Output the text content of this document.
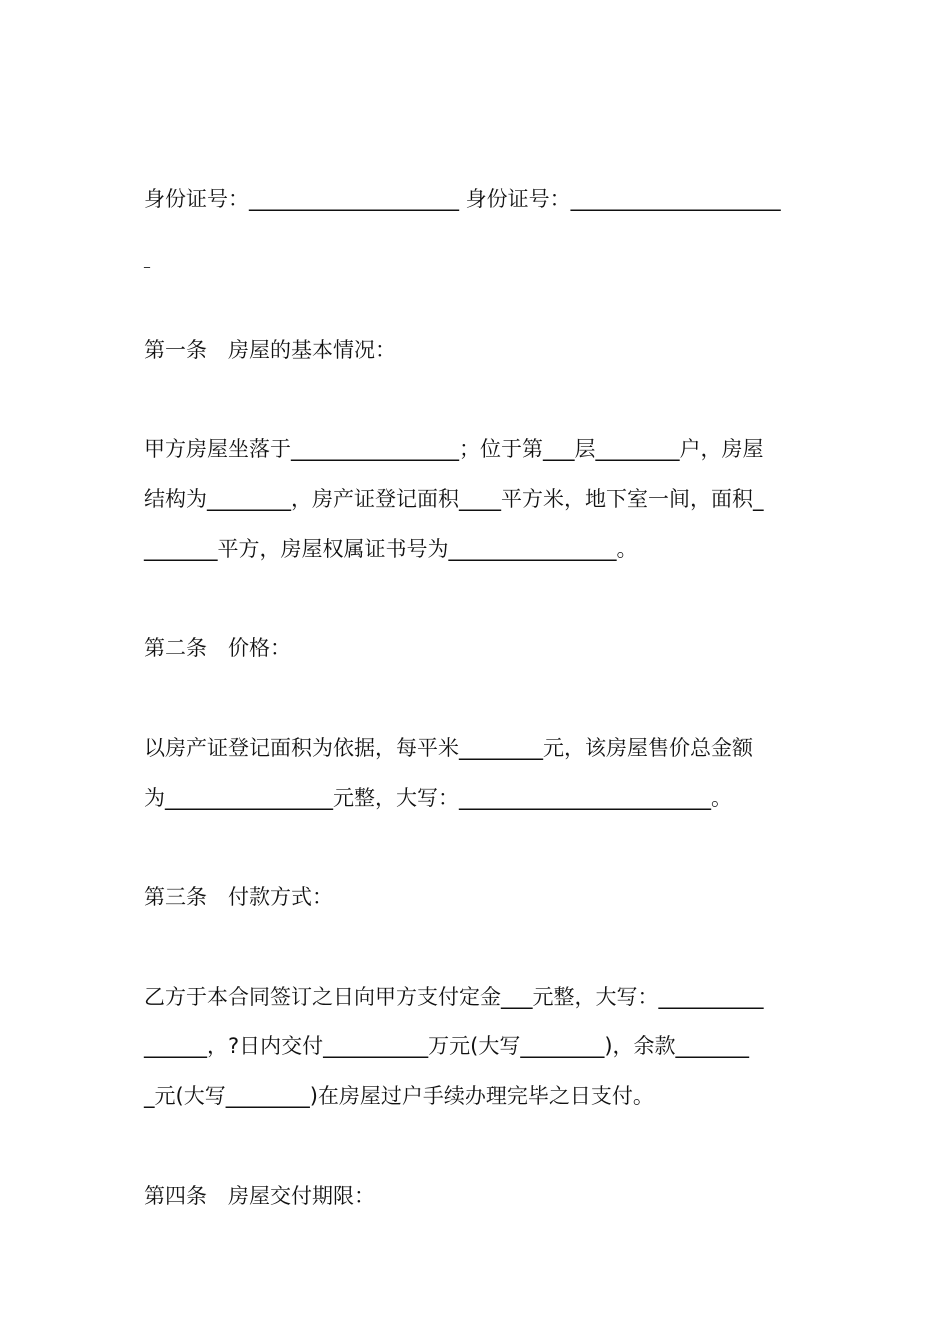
身份证号：____________________ 身份证号：____________________
_
第一条　房屋的基本情况：
甲方房屋坐落于________________；位于第___层________户，房屋
结构为________，房产证登记面积____平方米，地下室一间，面积_
_______平方，房屋权属证书号为________________。
第二条　价格：
以房产证登记面积为依据，每平米________元，该房屋售价总金额
为________________元整，大写：________________________。
第三条　付款方式：
乙方于本合同签订之日向甲方支付定金___元整，大写：__________
______，?日内交付__________万元(大写________)，余款_______
_元(大写________)在房屋过户手续办理完毕之日支付。
第四条　房屋交付期限：
